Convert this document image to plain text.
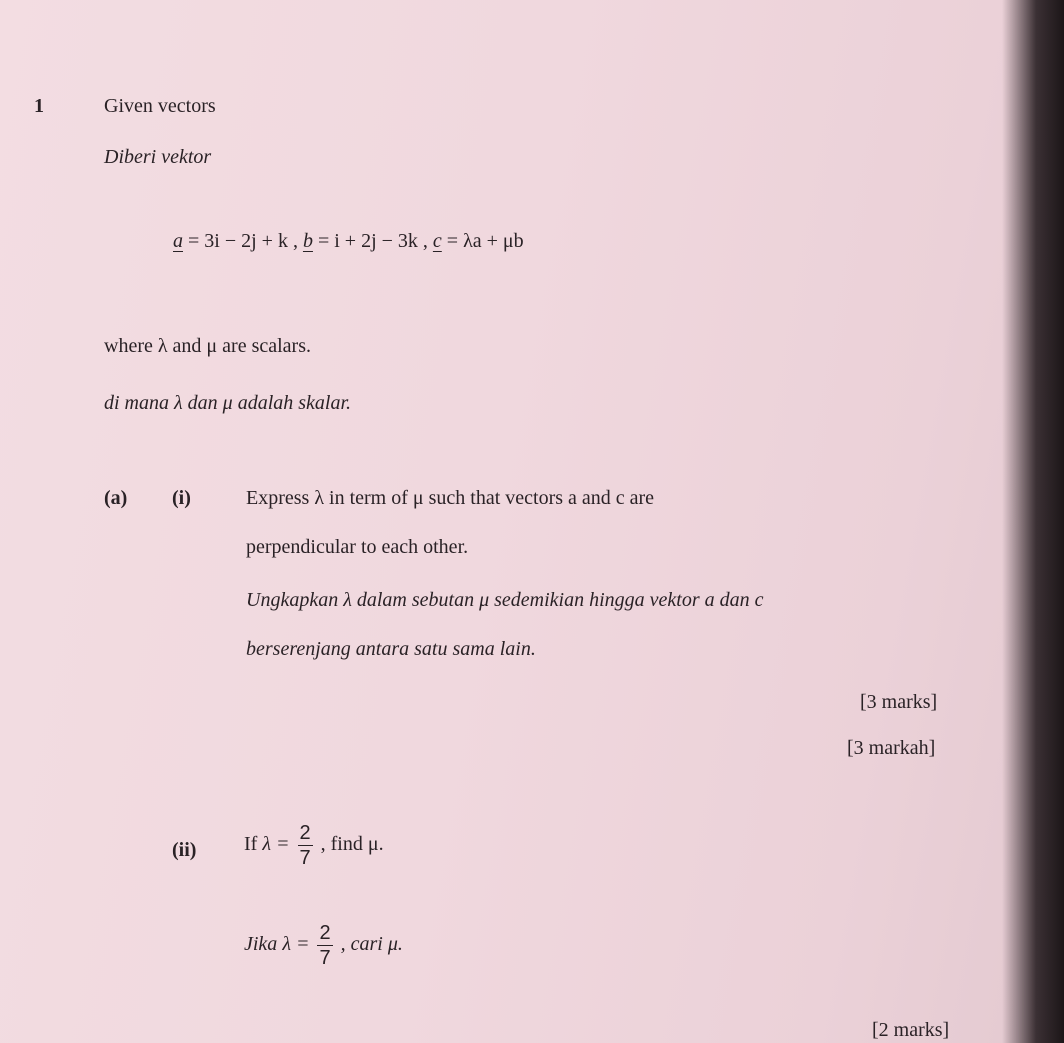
1	Given vectors
Diberi vektor
a = 3i − 2j + k , b = i + 2j − 3k , c = λa + μb
where λ and μ are scalars.
di mana λ dan μ adalah skalar.
(a) (i)	Express λ in term of μ such that vectors a and c are
perpendicular to each other.
Ungkapkan λ dalam sebutan μ sedemikian hingga vektor a dan c
berserenjang antara satu sama lain.
[3 marks]
[3 markah]
(ii) If $\lambda = \frac{2}{7}$ , find μ.
Jika $\lambda = \frac{2}{7}$ , cari μ.
[2 marks]
